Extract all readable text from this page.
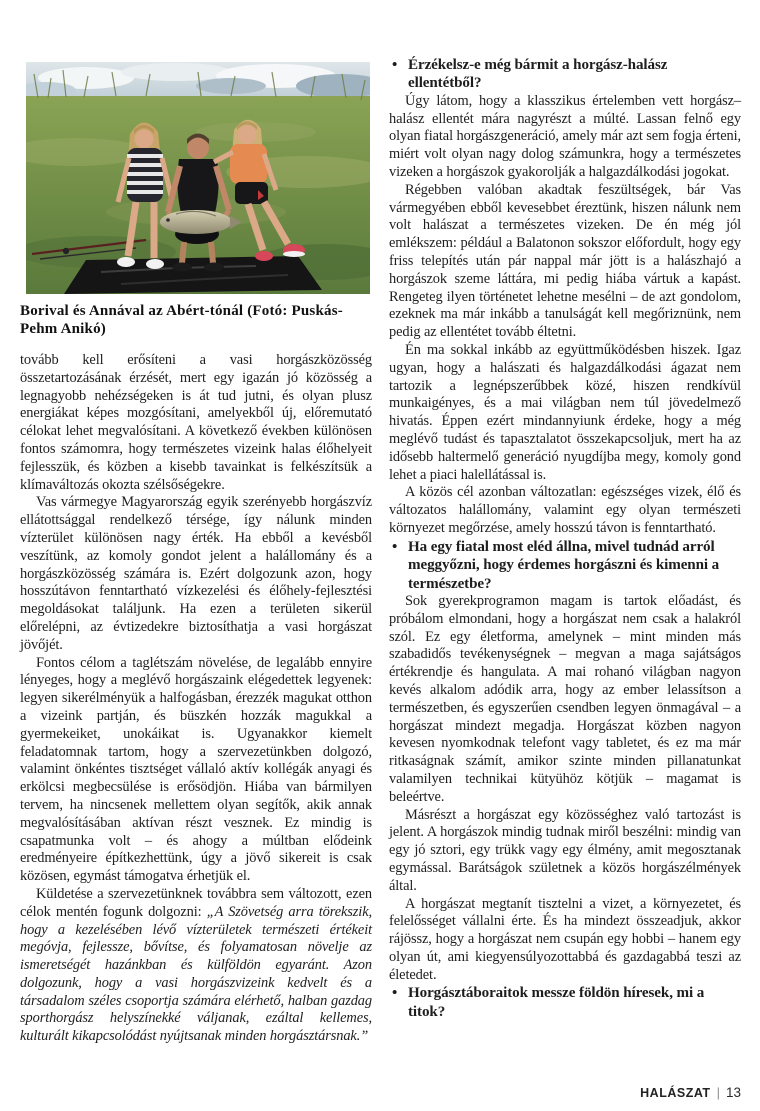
Borival és Annával az Abért-tónál (Fotó: Puskás-Pehm Anikó)

tovább kell erősíteni a vasi horgászközösség összetartozásának érzését, mert egy igazán jó közösség a legnagyobb nehézségeken is át tud jutni, és olyan plusz energiákat képes mozgósítani, amelyekből új, előremutató célokat lehet megvalósítani. A következő években különösen fontos számomra, hogy természetes vizeink halas élőhelyeit fejlesszük, és közben a kisebb tavainkat is felkészítsük a klímaváltozás okozta szélsőségekre.

Vas vármegye Magyarország egyik szerényebb horgászvíz ellátottsággal rendelkező térsége, így nálunk minden vízterület különösen nagy érték. Ha ebből a kevésből veszítünk, az komoly gondot jelent a halállomány és a horgászközösség számára is. Ezért dolgozunk azon, hogy hosszútávon fenntartható vízkezelési és élőhely-fejlesztési megoldásokat találjunk. Ha ezen a területen sikerül előrelépni, az évtizedekre biztosíthatja a vasi horgászat jövőjét.

Fontos célom a taglétszám növelése, de legalább ennyire lényeges, hogy a meglévő horgászaink elégedettek legyenek: legyen sikerélményük a halfogásban, érezzék magukat otthon a vizeink partján, és büszkén hozzák magukkal a gyermekeiket, unokáikat is. Ugyanakkor kiemelt feladatomnak tartom, hogy a szervezetünkben dolgozó, valamint önkéntes tisztséget vállaló aktív kollégák anyagi és erkölcsi megbecsülése is erősödjön. Hiába van bármilyen tervem, ha nincsenek mellettem olyan segítők, akik annak megvalósításában aktívan részt vesznek. Ez mindig is csapatmunka volt – és ahogy a múltban elődeink eredményeire építkezhettünk, úgy a jövő sikereit is csak közösen, egymást támogatva érhetjük el.

Küldetése a szervezetünknek továbbra sem változott, ezen célok mentén fogunk dolgozni: „A Szövetség arra törekszik, hogy a kezelésében lévő vízterületek természeti értékeit megóvja, fejlessze, bővítse, és folyamatosan növelje az ismeretségét hazánkban és külföldön egyaránt. Azon dolgozunk, hogy a vasi horgászvizeink kedvelt és a társadalom széles csoportja számára elérhető, halban gazdag sporthorgász helyszínekké váljanak, ezáltal kellemes, kulturált kikapcsolódást nyújtsanak minden horgásztársnak.”

• Érzékelsz-e még bármit a horgász-halász ellentétből?

Úgy látom, hogy a klasszikus értelemben vett horgász–halász ellentét mára nagyrészt a múlté. Lassan felnő egy olyan fiatal horgászgeneráció, amely már azt sem fogja érteni, miért volt olyan nagy dolog számunkra, hogy a természetes vizeken a horgászok gyakorolják a halgazdálkodási jogokat.

Régebben valóban akadtak feszültségek, bár Vas vármegyében ebből kevesebbet éreztünk, hiszen nálunk nem volt halászat a természetes vizeken. De én még jól emlékszem: például a Balatonon sokszor előfordult, hogy egy friss telepítés után pár nappal már jött is a halászhajó a horgászok szeme láttára, mi pedig hiába vártuk a kapást. Rengeteg ilyen történetet lehetne mesélni – de azt gondolom, ezeknek ma már inkább a tanulságát kell megőriznünk, nem pedig az ellentétet tovább éltetni.

Én ma sokkal inkább az együttműködésben hiszek. Igaz ugyan, hogy a halászati és halgazdálkodási ágazat nem tartozik a legnépszerűbbek közé, hiszen rendkívül munkaigényes, és a mai világban nem túl jövedelmező hivatás. Éppen ezért mindannyiunk érdeke, hogy a még meglévő tudást és tapasztalatot összekapcsoljuk, mert ha az idősebb haltermelő generáció nyugdíjba megy, komoly gond lehet a piaci halellátással is.

A közös cél azonban változatlan: egészséges vizek, élő és változatos halállomány, valamint egy olyan természeti környezet megőrzése, amely hosszú távon is fenntartható.

• Ha egy fiatal most eléd állna, mivel tudnád arról meggyőzni, hogy érdemes horgászni és kimenni a természetbe?

Sok gyerekprogramon magam is tartok előadást, és próbálom elmondani, hogy a horgászat nem csak a halakról szól. Ez egy életforma, amelynek – mint minden más szabadidős tevékenységnek – megvan a maga sajátságos értékrendje és hangulata. A mai rohanó világban nagyon kevés alkalom adódik arra, hogy az ember lelassítson a természetben, és egyszerűen csendben legyen önmagával – a horgászat mindezt megadja. Horgászat közben nagyon kevesen nyomkodnak telefont vagy tabletet, és ez ma már ritkaságnak számít, amikor szinte minden pillanatunkat valamilyen technikai kütyühöz kötjük – magamat is beleértve.

Másrészt a horgászat egy közösséghez való tartozást is jelent. A horgászok mindig tudnak miről beszélni: mindig van egy jó sztori, egy trükk vagy egy élmény, amit megosztanak egymással. Barátságok születnek a közös horgászélmények által.

A horgászat megtanít tisztelni a vizet, a környezetet, és felelősséget vállalni érte. És ha mindezt összeadjuk, akkor rájössz, hogy a horgászat nem csupán egy hobbi – hanem egy olyan út, ami kiegyensúlyozottabbá és gazdagabbá teszi az életedet.

• Horgásztáboraitok messze földön híresek, mi a titok?
HALÁSZAT | 13
